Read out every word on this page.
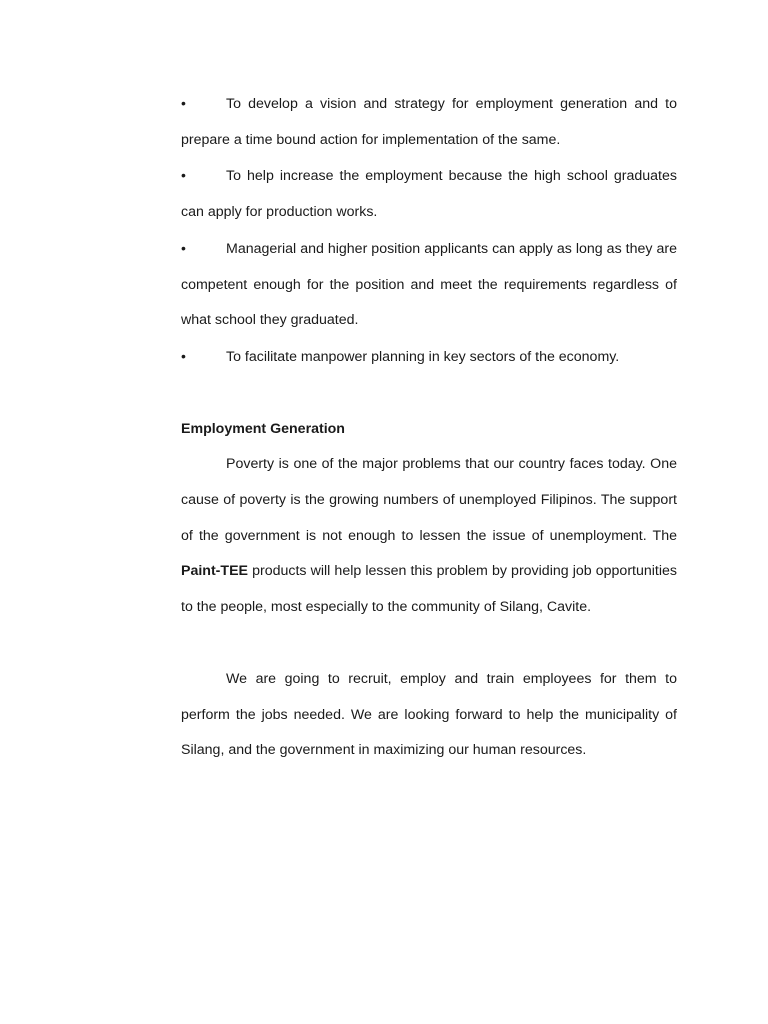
•	To develop a vision and strategy for employment generation and to prepare a time bound action for implementation of the same.
•	To help increase the employment because the high school graduates can apply for production works.
•	Managerial and higher position applicants can apply as long as they are competent enough for the position and meet the requirements regardless of what school they graduated.
•	To facilitate manpower planning in key sectors of the economy.
Employment Generation

Poverty is one of the major problems that our country faces today. One cause of poverty is the growing numbers of unemployed Filipinos. The support of the government is not enough to lessen the issue of unemployment. The Paint-TEE products will help lessen this problem by providing job opportunities to the people, most especially to the community of Silang, Cavite.

We are going to recruit, employ and train employees for them to perform the jobs needed. We are looking forward to help the municipality of Silang, and the government in maximizing our human resources.
